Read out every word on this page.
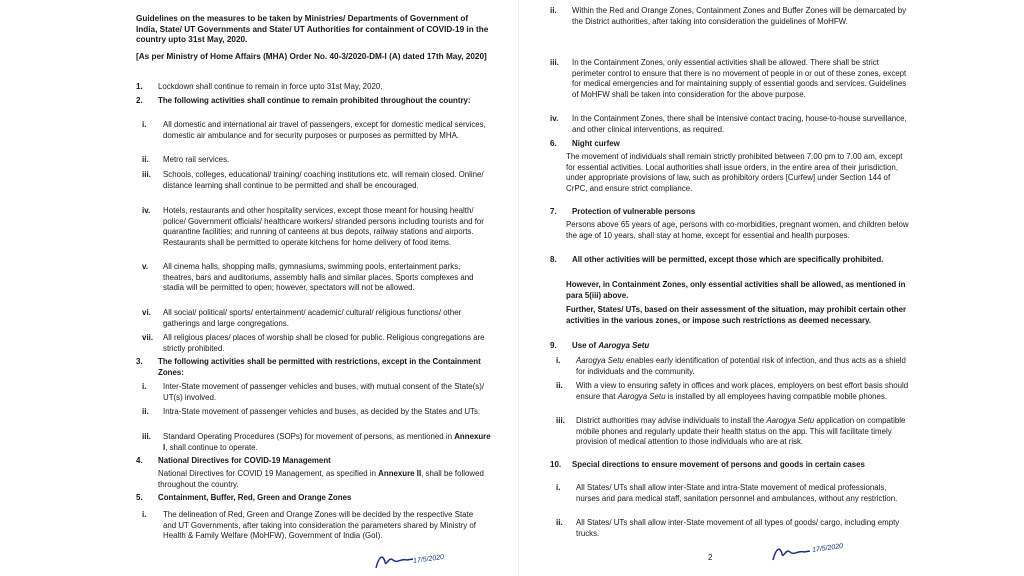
Guidelines on the measures to be taken by Ministries/ Departments of Government of India, State/ UT Governments and State/ UT Authorities for containment of COVID-19 in the country upto 31st May, 2020.

[As per Ministry of Home Affairs (MHA) Order No. 40-3/2020-DM-I (A) dated 17th May, 2020]

1. Lockdown shall continue to remain in force upto 31st May, 2020.

2. The following activities shall continue to remain prohibited throughout the country:

i. All domestic and international air travel of passengers, except for domestic medical services, domestic air ambulance and for security purposes or purposes as permitted by MHA.

ii. Metro rail services.

iii. Schools, colleges, educational/ training/ coaching institutions etc. will remain closed. Online/ distance learning shall continue to be permitted and shall be encouraged.

iv. Hotels, restaurants and other hospitality services, except those meant for housing health/ police/ Government officials/ healthcare workers/ stranded persons including tourists and for quarantine facilities; and running of canteens at bus depots, railway stations and airports. Restaurants shall be permitted to operate kitchens for home delivery of food items.

v. All cinema halls, shopping malls, gymnasiums, swimming pools, entertainment parks, theatres, bars and auditoriums, assembly halls and similar places. Sports complexes and stadia will be permitted to open; however, spectators will not be allowed.

vi. All social/ political/ sports/ entertainment/ academic/ cultural/ religious functions/ other gatherings and large congregations.

vii. All religious places/ places of worship shall be closed for public. Religious congregations are strictly prohibited.

3. The following activities shall be permitted with restrictions, except in the Containment Zones:

i. Inter-State movement of passenger vehicles and buses, with mutual consent of the State(s)/ UT(s) involved.

ii. Intra-State movement of passenger vehicles and buses, as decided by the States and UTs.

iii. Standard Operating Procedures (SOPs) for movement of persons, as mentioned in Annexure I, shall continue to operate.

4. National Directives for COVID-19 Management

National Directives for COVID 19 Management, as specified in Annexure II, shall be followed throughout the country.

5. Containment, Buffer, Red, Green and Orange Zones

i. The delineation of Red, Green and Orange Zones will be decided by the respective State and UT Governments, after taking into consideration the parameters shared by Ministry of Health & Family Welfare (MoHFW), Government of India (GoI).

17/5/2020
ii. Within the Red and Orange Zones, Containment Zones and Buffer Zones will be demarcated by the District authorities, after taking into consideration the guidelines of MoHFW.

iii. In the Containment Zones, only essential activities shall be allowed. There shall be strict perimeter control to ensure that there is no movement of people in or out of these zones, except for medical emergencies and for maintaining supply of essential goods and services. Guidelines of MoHFW shall be taken into consideration for the above purpose.

iv. In the Containment Zones, there shall be intensive contact tracing, house-to-house surveillance, and other clinical interventions, as required.

6. Night curfew

The movement of individuals shall remain strictly prohibited between 7.00 pm to 7.00 am, except for essential activities. Local authorities shall issue orders, in the entire area of their jurisdiction, under appropriate provisions of law, such as prohibitory orders [Curfew] under Section 144 of CrPC, and ensure strict compliance.

7. Protection of vulnerable persons

Persons above 65 years of age, persons with co-morbidities, pregnant women, and children below the age of 10 years, shall stay at home, except for essential and health purposes.

8. All other activities will be permitted, except those which are specifically prohibited.

However, in Containment Zones, only essential activities shall be allowed, as mentioned in para 5(iii) above.

Further, States/ UTs, based on their assessment of the situation, may prohibit certain other activities in the various zones, or impose such restrictions as deemed necessary.

9. Use of Aarogya Setu

i. Aarogya Setu enables early identification of potential risk of infection, and thus acts as a shield for individuals and the community.

ii. With a view to ensuring safety in offices and work places, employers on best effort basis should ensure that Aarogya Setu is installed by all employees having compatible mobile phones.

iii. District authorities may advise individuals to install the Aarogya Setu application on compatible mobile phones and regularly update their health status on the app. This will facilitate timely provision of medical attention to those individuals who are at risk.

10. Special directions to ensure movement of persons and goods in certain cases

i. All States/ UTs shall allow inter-State and intra-State movement of medical professionals, nurses and para medical staff, sanitation personnel and ambulances, without any restriction.

ii. All States/ UTs shall allow inter-State movement of all types of goods/ cargo, including empty trucks.

2
17/5/2020
